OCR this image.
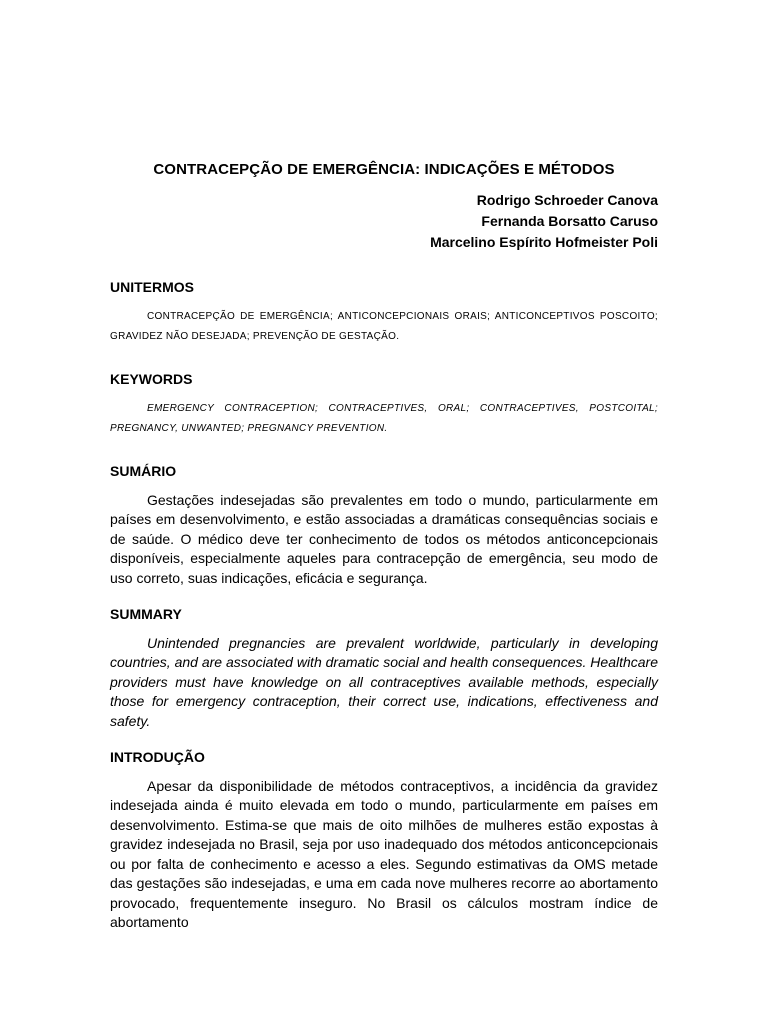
CONTRACEPÇÃO DE EMERGÊNCIA: INDICAÇÕES E MÉTODOS
Rodrigo Schroeder Canova
Fernanda Borsatto Caruso
Marcelino Espírito Hofmeister Poli
UNITERMOS
CONTRACEPÇÃO DE EMERGÊNCIA; ANTICONCEPCIONAIS ORAIS; ANTICONCEPTIVOS POSCOITO; GRAVIDEZ NÃO DESEJADA; PREVENÇÃO DE GESTAÇÃO.
KEYWORDS
EMERGENCY CONTRACEPTION; CONTRACEPTIVES, ORAL; CONTRACEPTIVES, POSTCOITAL; PREGNANCY, UNWANTED; PREGNANCY PREVENTION.
SUMÁRIO
Gestações indesejadas são prevalentes em todo o mundo, particularmente em países em desenvolvimento, e estão associadas a dramáticas consequências sociais e de saúde. O médico deve ter conhecimento de todos os métodos anticoncepcionais disponíveis, especialmente aqueles para contracepção de emergência, seu modo de uso correto, suas indicações, eficácia e segurança.
SUMMARY
Unintended pregnancies are prevalent worldwide, particularly in developing countries, and are associated with dramatic social and health consequences. Healthcare providers must have knowledge on all contraceptives available methods, especially those for emergency contraception, their correct use, indications, effectiveness and safety.
INTRODUÇÃO
Apesar da disponibilidade de métodos contraceptivos, a incidência da gravidez indesejada ainda é muito elevada em todo o mundo, particularmente em países em desenvolvimento. Estima-se que mais de oito milhões de mulheres estão expostas à gravidez indesejada no Brasil, seja por uso inadequado dos métodos anticoncepcionais ou por falta de conhecimento e acesso a eles. Segundo estimativas da OMS metade das gestações são indesejadas, e uma em cada nove mulheres recorre ao abortamento provocado, frequentemente inseguro. No Brasil os cálculos mostram índice de abortamento
